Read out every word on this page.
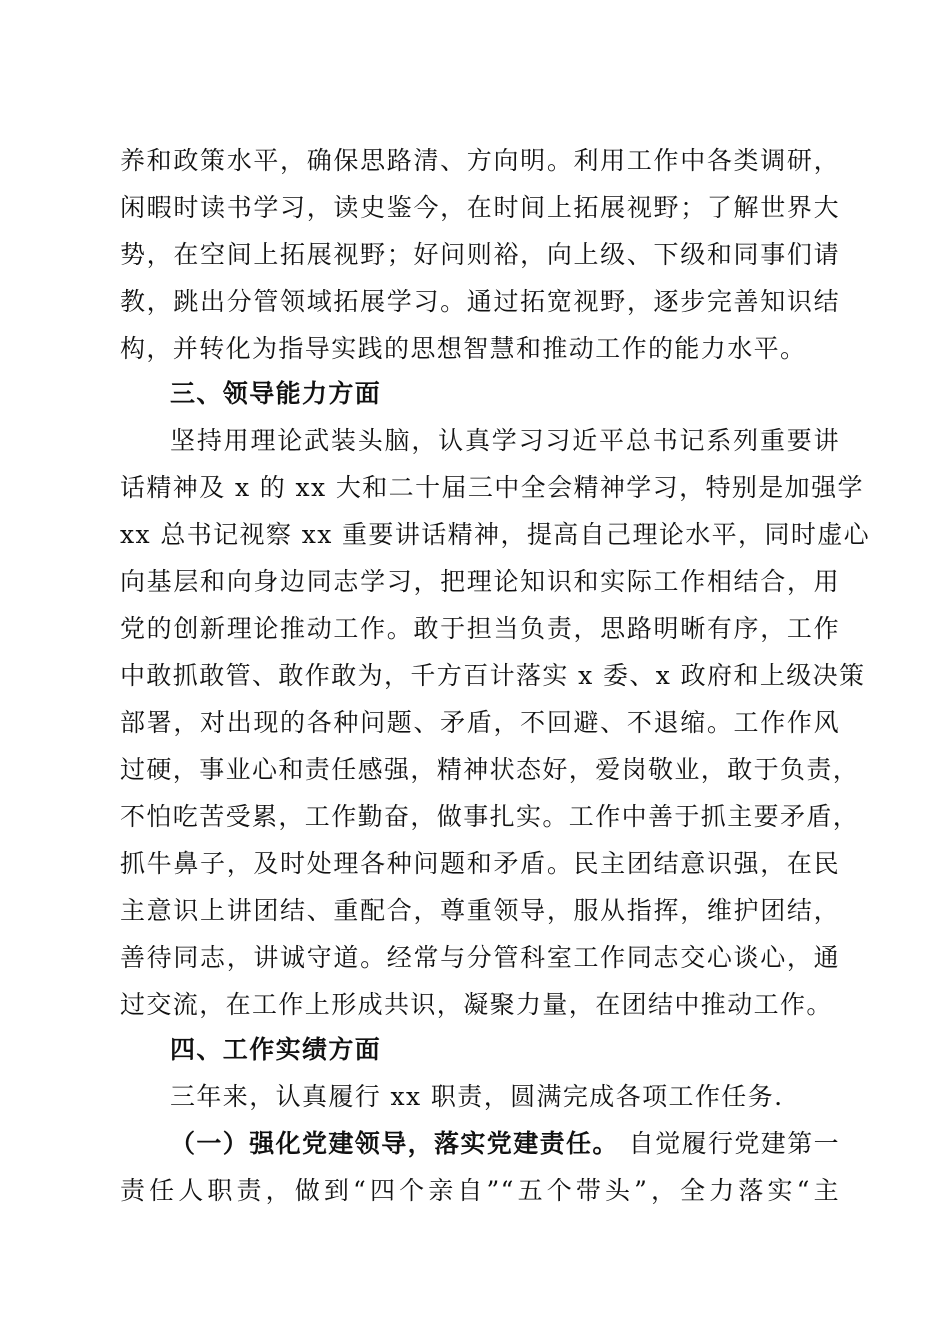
养和政策水平，确保思路清、方向明。利用工作中各类调研，
闲暇时读书学习，读史鉴今，在时间上拓展视野；了解世界大
势，在空间上拓展视野；好问则裕，向上级、下级和同事们请
教，跳出分管领域拓展学习。通过拓宽视野，逐步完善知识结
构，并转化为指导实践的思想智慧和推动工作的能力水平。
三、领导能力方面
坚持用理论武装头脑，认真学习习近平总书记系列重要讲
话精神及 x 的 xx 大和二十届三中全会精神学习，特别是加强学
xx 总书记视察 xx 重要讲话精神，提高自己理论水平，同时虚心
向基层和向身边同志学习，把理论知识和实际工作相结合，用
党的创新理论推动工作。敢于担当负责，思路明晰有序，工作
中敢抓敢管、敢作敢为，千方百计落实 x 委、x 政府和上级决策
部署，对出现的各种问题、矛盾，不回避、不退缩。工作作风
过硬，事业心和责任感强，精神状态好，爱岗敬业，敢于负责，
不怕吃苦受累，工作勤奋，做事扎实。工作中善于抓主要矛盾，
抓牛鼻子，及时处理各种问题和矛盾。民主团结意识强，在民
主意识上讲团结、重配合，尊重领导，服从指挥，维护团结，
善待同志，讲诚守道。经常与分管科室工作同志交心谈心，通
过交流，在工作上形成共识，凝聚力量，在团结中推动工作。
四、工作实绩方面
三年来，认真履行 xx 职责，圆满完成各项工作任务.
（一）强化党建领导，落实党建责任。 自觉履行党建第一
责任人职责，做到“四个亲自”“五个带头”，全力落实“主
